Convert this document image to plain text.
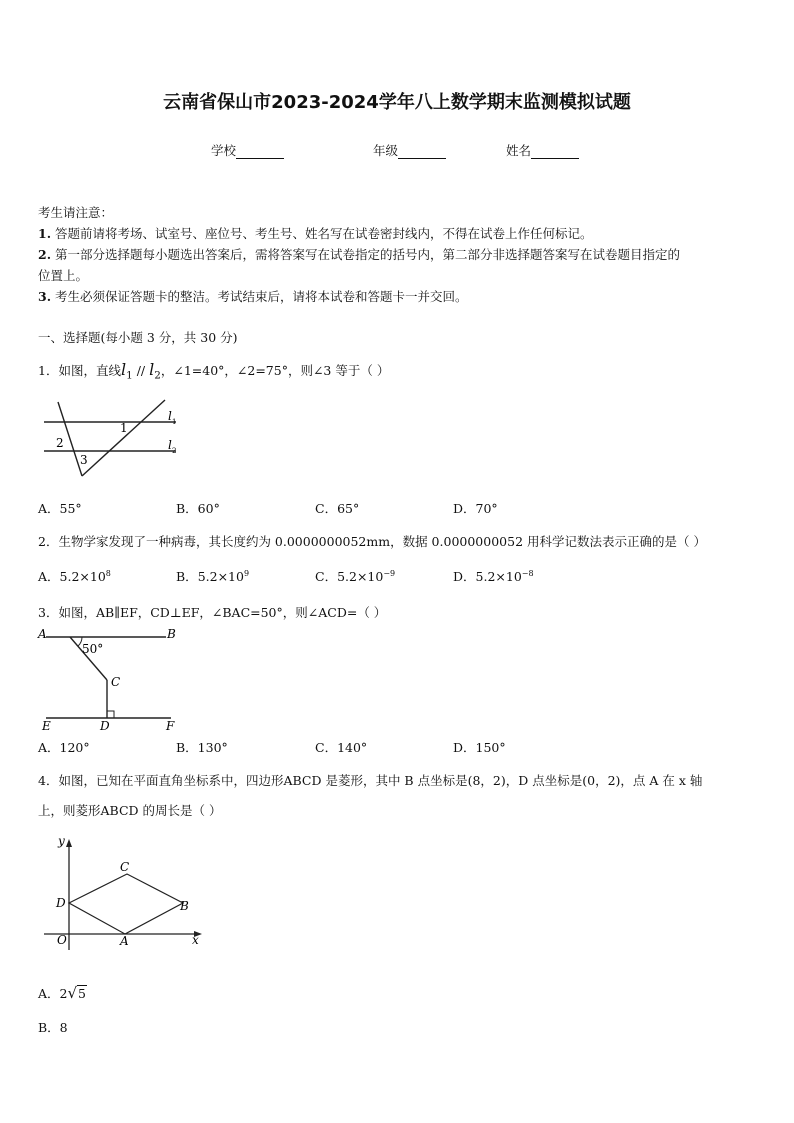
云南省保山市2023-2024学年八上数学期末监测模拟试题
学校	年级	姓名
考生请注意：
1. 答题前请将考场、试室号、座位号、考生号、姓名写在试卷密封线内，不得在试卷上作任何标记。
2. 第一部分选择题每小题选出答案后，需将答案写在试卷指定的括号内，第二部分非选择题答案写在试卷题目指定的
位置上。
3. 考生必须保证答题卡的整洁。考试结束后，请将本试卷和答题卡一并交回。
一、选择题(每小题 3 分，共 30 分)
1．如图，直线$l_1 // l_2$，∠1=40°，∠2=75°，则∠3 等于（ ）
1
2
3
l 1
l 2
A．55°	B．60°	C．65°	D．70°
2．生物学家发现了一种病毒，其长度约为 0.0000000052mm，数据 0.0000000052 用科学记数法表示正确的是（ ）
A．$5.2\times 10^8$	B．$5.2\times 10^9$	C．$5.2\times 10^{-9}$	D．$5.2\times 10^{-8}$
3．如图，AB∥EF，CD⊥EF，∠BAC=50°，则∠ACD=（ ）
A	B
C
D
E	F
50°
A．120°	B．130°	C．140°	D．150°
4．如图，已知在平面直角坐标系中，四边形ABCD 是菱形，其中 B 点坐标是(8，2)，D 点坐标是(0，2)，点 A 在 x 轴
上，则菱形ABCD 的周长是（ ）
y
x
O	A
B
C
D
A．2√5
B．8
